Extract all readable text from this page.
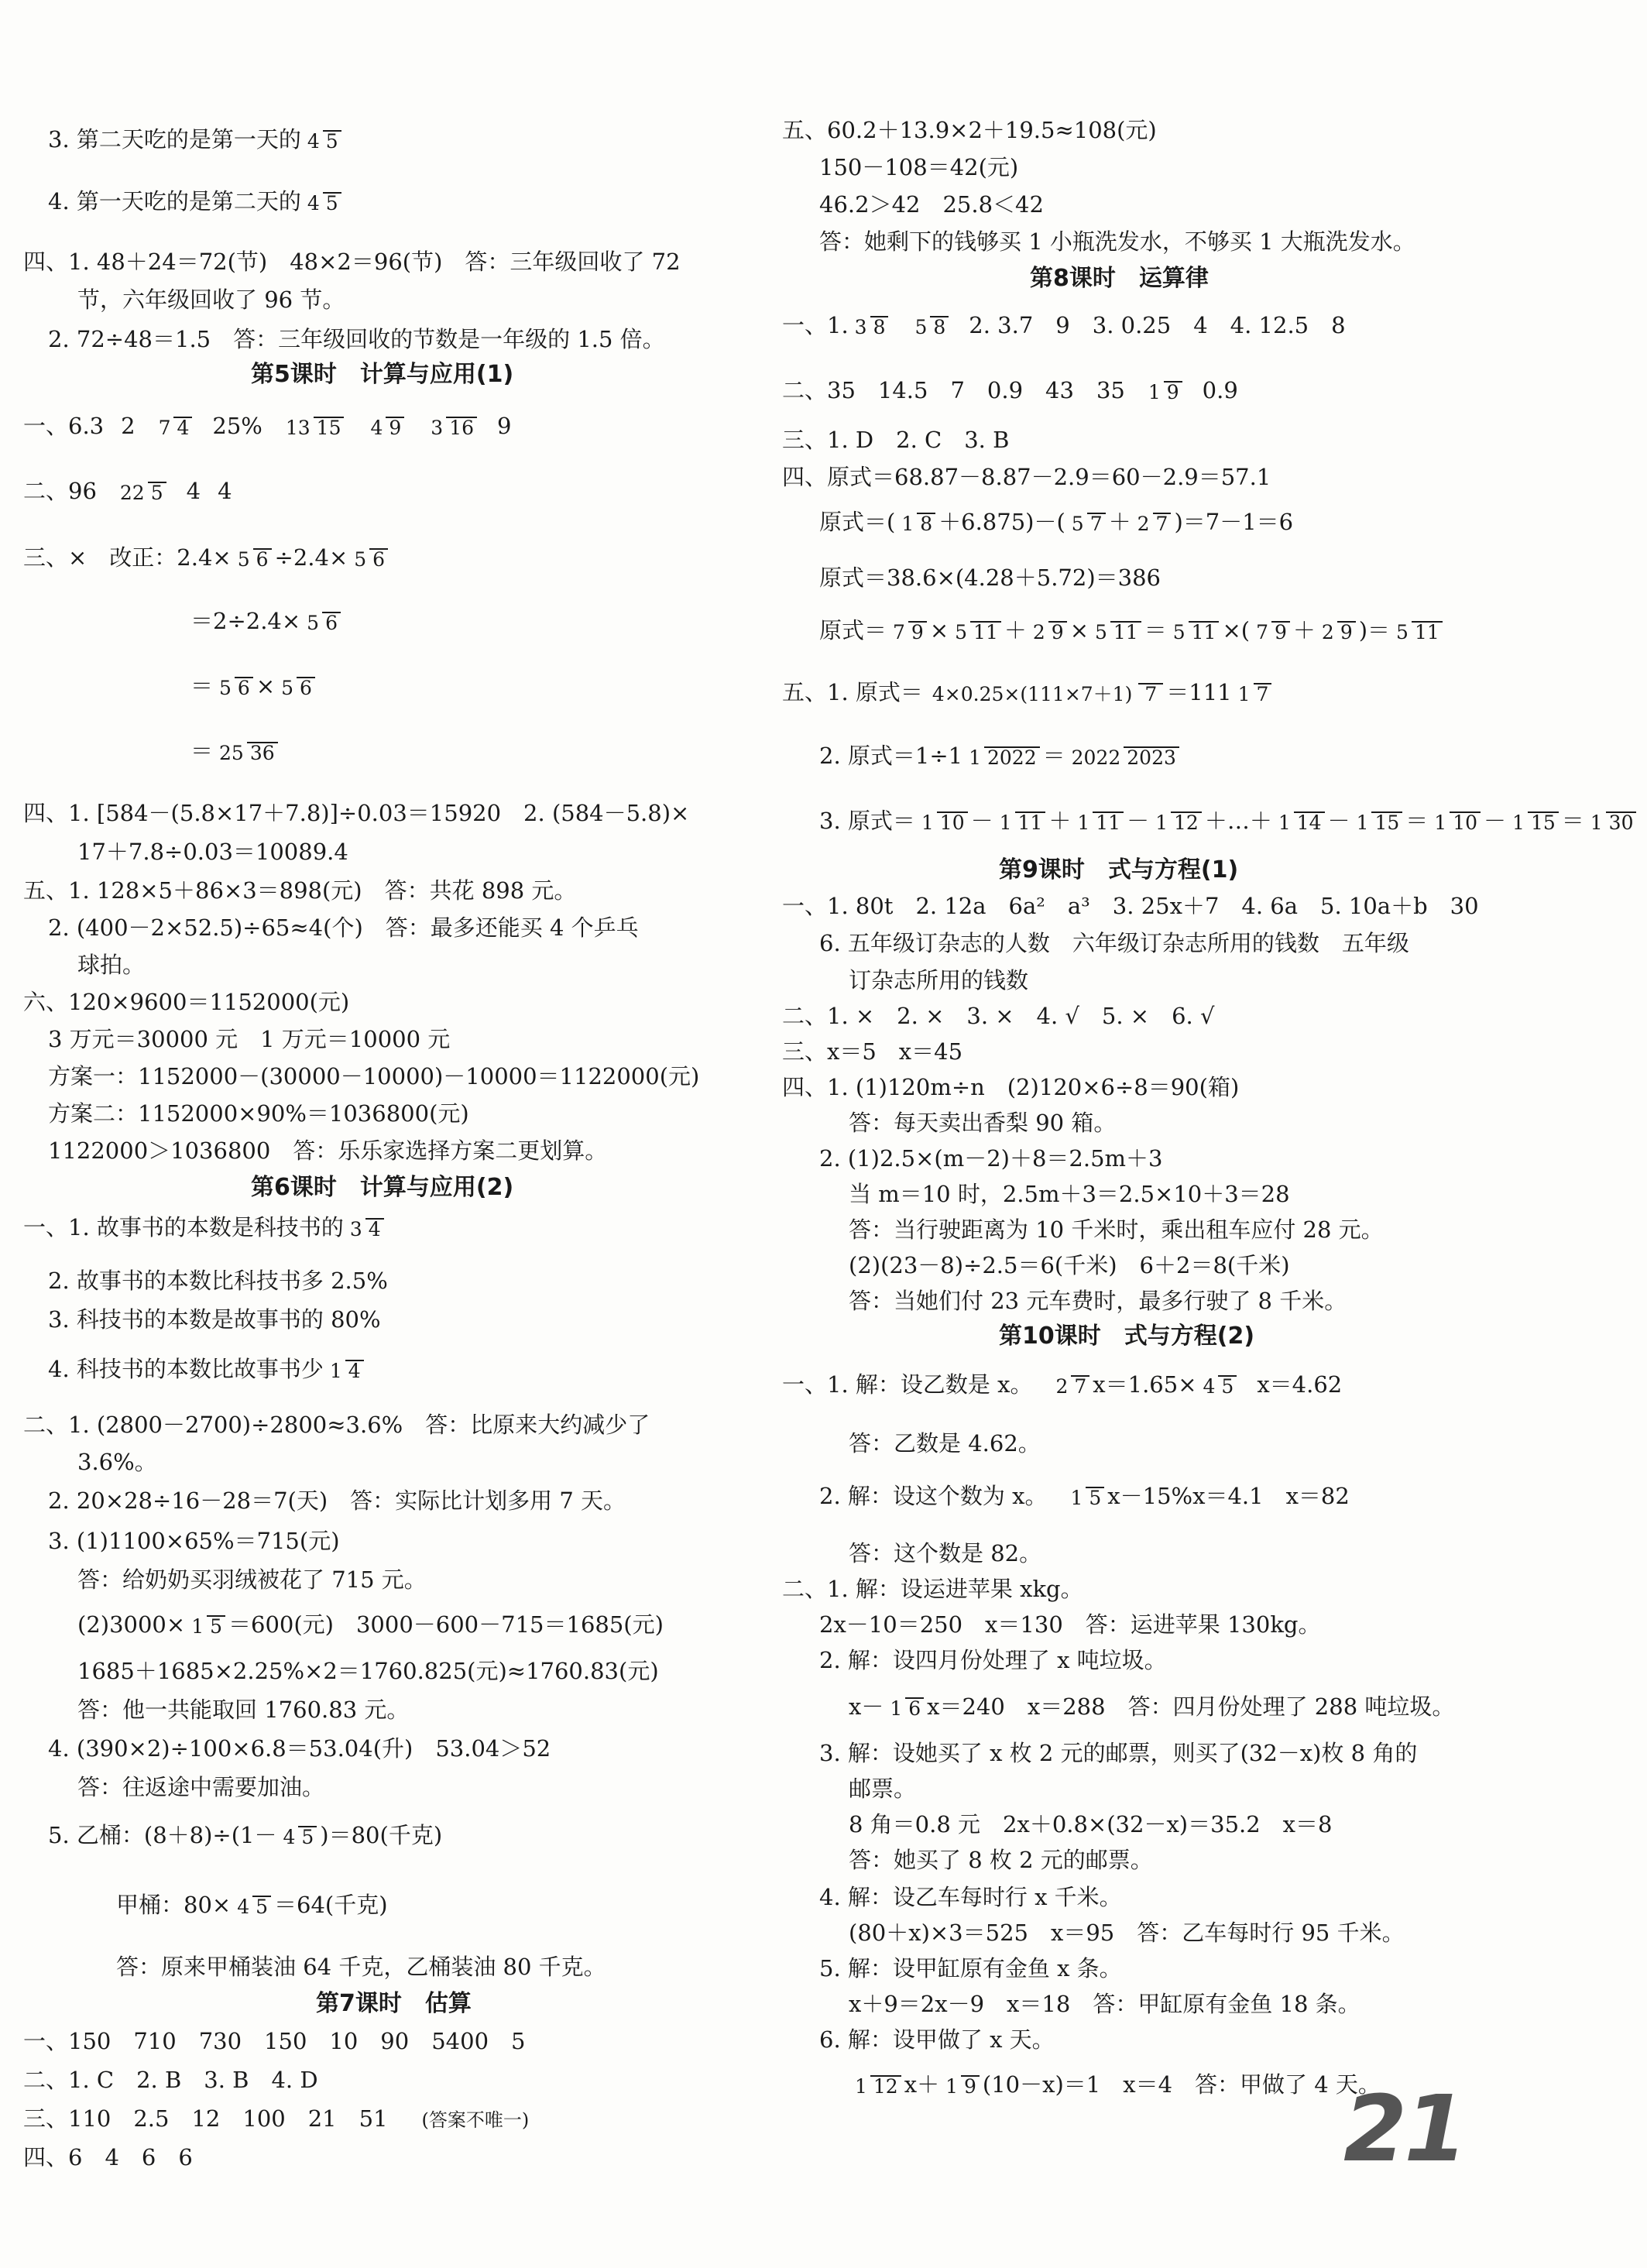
3. 第二天吃的是第一天的 4 5
4. 第一天吃的是第二天的 4 5
四、1. 48＋24＝72(节)　48×2＝96(节)　答：三年级回收了 72
节，六年级回收了 96 节。
2. 72÷48＝1.5　答：三年级回收的节数是一年级的 1.5 倍。
第5课时　计算与应用(1)
一、6.3 2 7 4 25% 13 15 4 9 3 16 9
二、96 22 5 4 4
三、×　改正：2.4× 5 6 ÷2.4× 5 6
＝2÷2.4× 5 6
＝ 5 6 × 5 6
＝ 25 36
四、1. [584－(5.8×17＋7.8)]÷0.03＝15920　2. (584－5.8)×
17＋7.8÷0.03＝10089.4
五、1. 128×5＋86×3＝898(元)　答：共花 898 元。
2. (400－2×52.5)÷65≈4(个)　答：最多还能买 4 个乒乓
球拍。
六、120×9600＝1152000(元)
3 万元＝30000 元　1 万元＝10000 元
方案一：1152000－(30000－10000)－10000＝1122000(元)
方案二：1152000×90%＝1036800(元)
1122000＞1036800　答：乐乐家选择方案二更划算。
第6课时　计算与应用(2)
一、1. 故事书的本数是科技书的 3 4
2. 故事书的本数比科技书多 2.5%
3. 科技书的本数是故事书的 80%
4. 科技书的本数比故事书少 1 4
二、1. (2800－2700)÷2800≈3.6%　答：比原来大约减少了
3.6%。
2. 20×28÷16－28＝7(天)　答：实际比计划多用 7 天。
3. (1)1100×65%＝715(元)
答：给奶奶买羽绒被花了 715 元。
(2)3000× 1 5 ＝600(元)　3000－600－715＝1685(元)
1685＋1685×2.25%×2＝1760.825(元)≈1760.83(元)
答：他一共能取回 1760.83 元。
4. (390×2)÷100×6.8＝53.04(升)　53.04＞52
答：往返途中需要加油。
5. 乙桶：(8＋8)÷(1－ 4 5 )＝80(千克)
甲桶：80× 4 5 ＝64(千克)
答：原来甲桶装油 64 千克，乙桶装油 80 千克。
第7课时　估算
一、150　710　730　150　10　90　5400　5
二、1. C　2. B　3. B　4. D
三、110　2.5　12　100　21　51 (答案不唯一)
四、6　4　6　6
五、60.2＋13.9×2＋19.5≈108(元)
150－108＝42(元)
46.2＞42　25.8＜42
答：她剩下的钱够买 1 小瓶洗发水，不够买 1 大瓶洗发水。
第8课时　运算律
一、1. 3 8 5 8 2. 3.7　9　3. 0.25　4　4. 12.5　8
二、35　14.5　7　0.9　43　35 1 9 0.9
三、1. D　2. C　3. B
四、原式＝68.87－8.87－2.9＝60－2.9＝57.1
原式＝( 1 8 ＋6.875)－( 5 7 ＋ 2 7 )＝7－1＝6
原式＝38.6×(4.28＋5.72)＝386
原式＝ 7 9 × 5 11 ＋ 2 9 × 5 11 ＝ 5 11 ×( 7 9 ＋ 2 9 )＝ 5 11
五、1. 原式＝ 4×0.25×(111×7＋1) 7 ＝111 1 7
2. 原式＝1÷1 1 2022 ＝ 2022 2023
3. 原式＝ 1 10 － 1 11 ＋ 1 11 － 1 12 ＋…＋ 1 14 － 1 15 ＝ 1 10 － 1 15 ＝ 1 30
第9课时　式与方程(1)
一、1. 80t　2. 12a　6a²　a³　3. 25x＋7　4. 6a　5. 10a＋b　30
6. 五年级订杂志的人数　六年级订杂志所用的钱数　五年级
订杂志所用的钱数
二、1. ×　2. ×　3. ×　4. √　5. ×　6. √
三、x＝5　x＝45
四、1. (1)120m÷n　(2)120×6÷8＝90(箱)
答：每天卖出香梨 90 箱。
2. (1)2.5×(m－2)＋8＝2.5m＋3
当 m＝10 时，2.5m＋3＝2.5×10＋3＝28
答：当行驶距离为 10 千米时，乘出租车应付 28 元。
(2)(23－8)÷2.5＝6(千米)　6＋2＝8(千米)
答：当她们付 23 元车费时，最多行驶了 8 千米。
第10课时　式与方程(2)
一、1. 解：设乙数是 x。 2 7 x＝1.65× 4 5 x＝4.62
答：乙数是 4.62。
2. 解：设这个数为 x。 1 5 x－15%x＝4.1　x＝82
答：这个数是 82。
二、1. 解：设运进苹果 xkg。
2x－10＝250　x＝130　答：运进苹果 130kg。
2. 解：设四月份处理了 x 吨垃圾。
x－ 1 6 x＝240　x＝288　答：四月份处理了 288 吨垃圾。
3. 解：设她买了 x 枚 2 元的邮票，则买了(32－x)枚 8 角的
邮票。
8 角＝0.8 元　2x＋0.8×(32－x)＝35.2　x＝8
答：她买了 8 枚 2 元的邮票。
4. 解：设乙车每时行 x 千米。
(80＋x)×3＝525　x＝95　答：乙车每时行 95 千米。
5. 解：设甲缸原有金鱼 x 条。
x＋9＝2x－9　x＝18　答：甲缸原有金鱼 18 条。
6. 解：设甲做了 x 天。
1 12 x＋ 1 9 (10－x)＝1　x＝4　答：甲做了 4 天。
21
